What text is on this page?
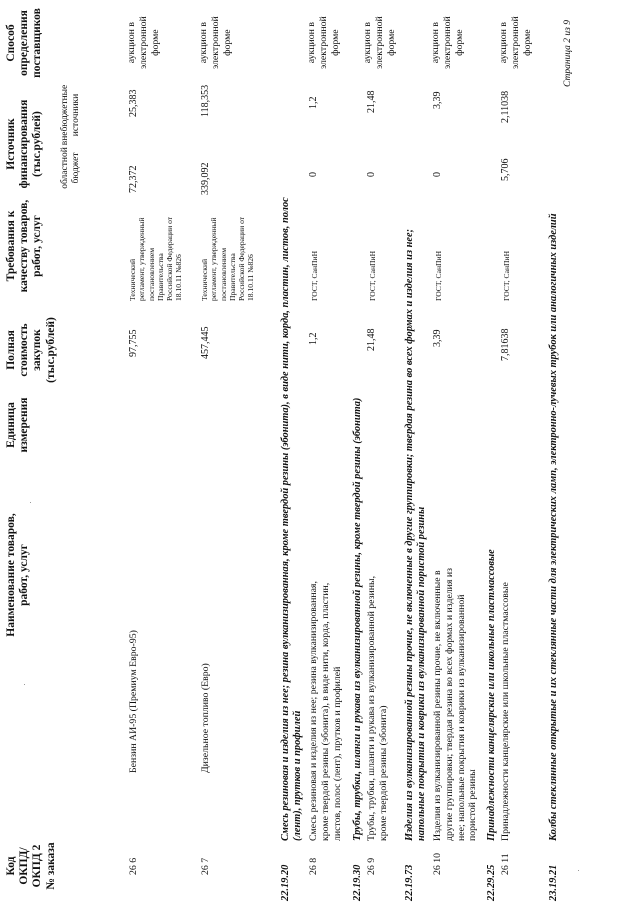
Код ОКПД/ ОКПД 2 № заказа
Наименование товаров, работ, услуг
Единица измерения
Полная стоимость закупок (тыс.рублей)
Требования к качеству товаров, работ, услуг
Источник финансирования (тыс.рублей) областной бюджет
внебюджетные источники
Способ определения поставщиков
26 6
Бензин АИ-95 (Премиум Евро-95)
97,755
Технический регламент, утвержденный постановлением Правительства Российской Федерации от 18.10.11 №826
72,372
25,383
аукцион в электронной форме
26 7
Дизельное топливо (Евро)
457,445
Технический регламент, утвержденный постановлением Правительства Российской Федерации от 18.10.11 №826
339,092
118,353
аукцион в электронной форме
22.19.20
Смесь резиновая и изделия из нее; резина вулканизированная, кроме твердой резины (эбонита), в виде нити, корда, пластин, листов, полос (лент), прутков и профилей
26 8
Смесь резиновая и изделия из нее; резина вулканизированная, кроме твердой резины (эбонита), в виде нити, корда, пластин, листов, полос (лент), прутков и профилей
1,2
ГОСТ, СанПиН
0
1,2
аукцион в электронной форме
22.19.30
Трубы, трубки, шланги и рукава из вулканизированной резины, кроме твердой резины (эбонита)
26 9
Трубы, трубки, шланги и рукава из вулканизированной резины, кроме твердой резины (эбонита)
21,48
ГОСТ, СанПиН
0
21,48
аукцион в электронной форме
22.19.73
Изделия из вулканизированной резины прочие, не включенные в другие группировки; твердая резина во всех формах и изделия из нее; напольные покрытия и коврики из вулканизированной пористой резины
26 10
Изделия из вулканизированной резины прочие, не включенные в другие группировки; твердая резина во всех формах и изделия из нее; напольные покрытия и коврики из вулканизированной пористой резины
3,39
ГОСТ, СанПиН
0
3,39
аукцион в электронной форме
22.29.25
Принадлежности канцелярские или школьные пластмассовые
26 11
Принадлежности канцелярские или школьные пластмассовые
7,81638
ГОСТ, СанПиН
5,706
2,11038
аукцион в электронной форме
23.19.21
Колбы стеклянные открытые и их стеклянные части для электрических ламп, электронно-лучевых трубок или аналогичных изделий
Страница 2 из 9
